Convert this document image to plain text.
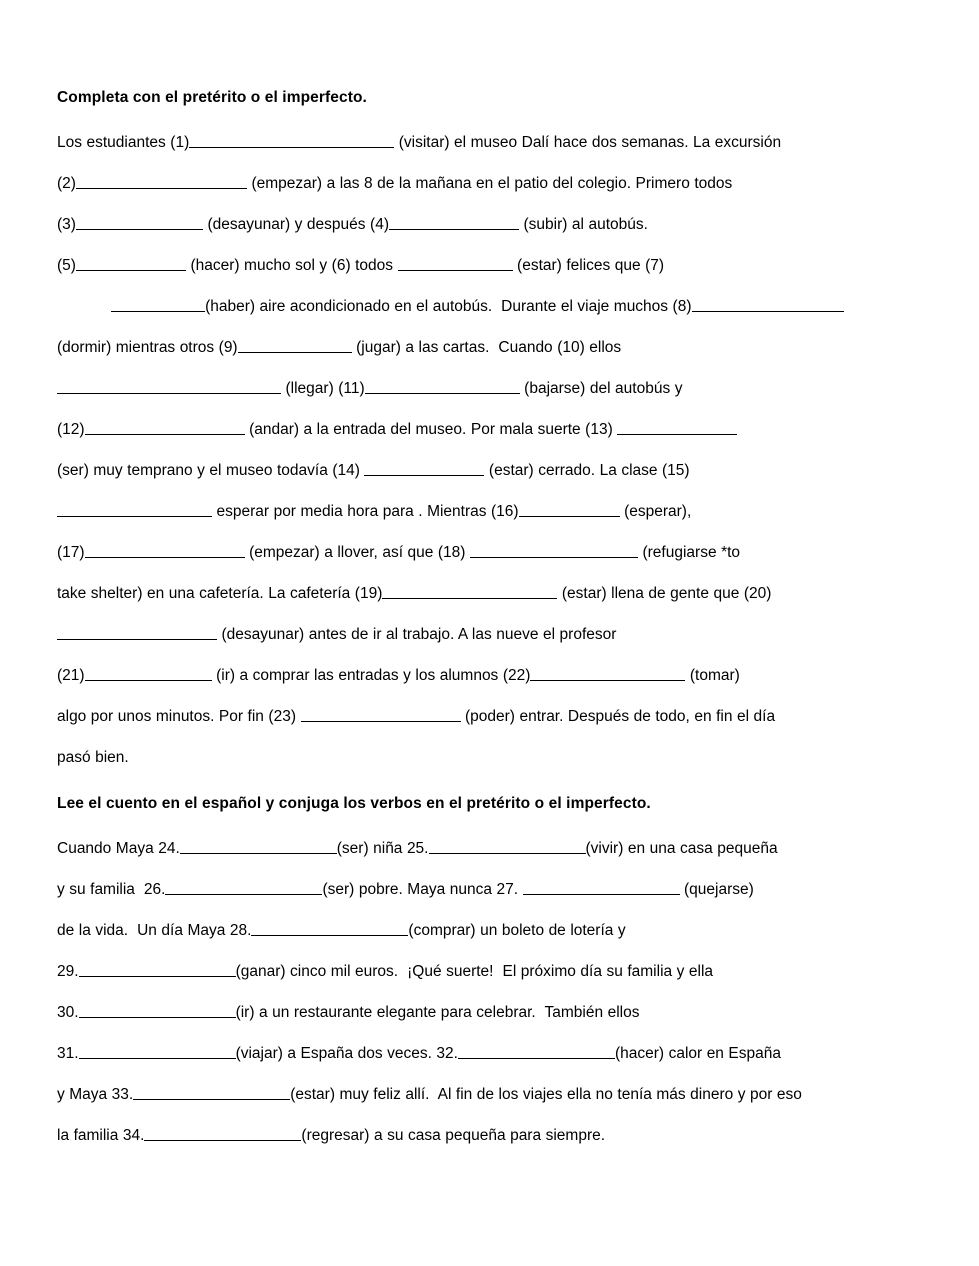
Completa con el pretérito o el imperfecto.

Los estudiantes (1)	(visitar) el museo Dalí hace dos semanas. La excursión

(2)	(empezar) a las 8 de la mañana en el patio del colegio. Primero todos

(3)	(desayunar) y después (4)	(subir) al autobús.

(5)	(hacer) mucho sol y (6) todos	(estar) felices que (7)

(haber) aire acondicionado en el autobús.  Durante el viaje muchos (8)

(dormir) mientras otros (9)	(jugar) a las cartas.  Cuando (10) ellos

(llegar) (11)	(bajarse) del autobús y

(12)	(andar) a la entrada del museo. Por mala suerte (13)

(ser) muy temprano y el museo todavía (14)	(estar) cerrado. La clase (15)

esperar por media hora para . Mientras (16)	(esperar),

(17)	(empezar) a llover, así que (18)	(refugiarse *to

take shelter) en una cafetería. La cafetería (19)	(estar) llena de gente que (20)

(desayunar) antes de ir al trabajo. A las nueve el profesor

(21)	(ir) a comprar las entradas y los alumnos (22)	(tomar)

algo por unos minutos. Por fin (23)	(poder) entrar. Después de todo, en fin el día

pasó bien.

Lee el cuento en el español y conjuga los verbos en el pretérito o el imperfecto.

Cuando Maya 24.	(ser) niña 25.	(vivir) en una casa pequeña

y su familia  26.	(ser) pobre. Maya nunca 27.	(quejarse)

de la vida.  Un día Maya 28.	(comprar) un boleto de lotería y

29.	(ganar) cinco mil euros.  ¡Qué suerte!  El próximo día su familia y ella

30.	(ir) a un restaurante elegante para celebrar.  También ellos

31.	(viajar) a España dos veces. 32.	(hacer) calor en España

y Maya 33.	(estar) muy feliz allí.  Al fin de los viajes ella no tenía más dinero y por eso

la familia 34.	(regresar) a su casa pequeña para siempre.
